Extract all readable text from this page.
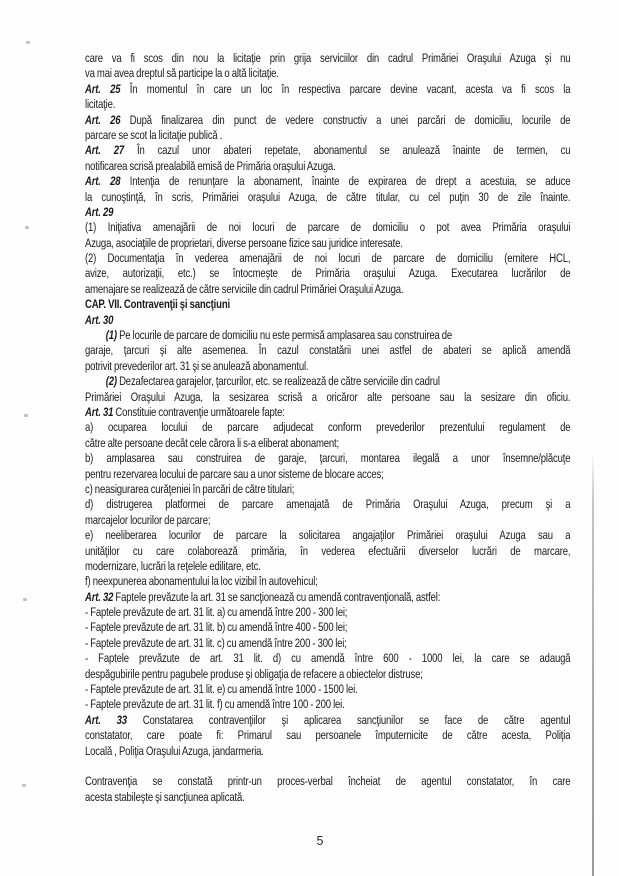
care va fi scos din nou la licitaţie prin grija serviciilor din cadrul Primăriei Oraşului Azuga şi nu
va mai avea dreptul să participe la o altă licitaţie.
Art. 25 În momentul în care un loc în respectiva parcare devine vacant, acesta va fi scos la
licitaţie.
Art. 26 După finalizarea din punct de vedere constructiv a unei parcări de domiciliu, locurile de
parcare se scot la licitaţie publică .
Art. 27 În cazul unor abateri repetate, abonamentul se anulează înainte de termen, cu
notificarea scrisă prealabilă emisă de Primăria oraşului Azuga.
Art. 28 Intenţia de renunţare la abonament, înainte de expirarea de drept a acestuia, se aduce
la cunoştinţă, în scris, Primăriei oraşului Azuga, de către titular, cu cel puţin 30 de zile înainte.
Art. 29
(1) Iniţiativa amenajării de noi locuri de parcare de domiciliu o pot avea Primăria oraşului
Azuga, asociaţiile de proprietari, diverse persoane fizice sau juridice interesate.
(2) Documentaţia în vederea amenajării de noi locuri de parcare de domiciliu (emitere HCL,
avize, autorizaţii, etc.) se întocmeşte de Primăria oraşului Azuga. Executarea lucrărilor de
amenajare se realizează de către serviciile din cadrul Primăriei Oraşului Azuga.
CAP. VII. Contravenţii şi sancţiuni
Art. 30
(1) Pe locurile de parcare de domiciliu nu este permisă amplasarea sau construirea de
garaje, ţarcuri şi alte asemenea. În cazul constatării unei astfel de abateri se aplică amendă
potrivit prevederilor art. 31 şi se anulează abonamentul.
(2) Dezafectarea garajelor, ţarcurilor, etc. se realizează de către serviciile din cadrul
Primăriei Oraşului Azuga, la sesizarea scrisă a oricăror alte persoane sau la sesizare din oficiu.
Art. 31 Constituie contravenţie următoarele fapte:
a) ocuparea locului de parcare adjudecat conform prevederilor prezentului regulament de
către alte persoane decât cele cărora li s-a eliberat abonament;
b) amplasarea sau construirea de garaje, ţarcuri, montarea ilegală a unor însemne/plăcuţe
pentru rezervarea locului de parcare sau a unor sisteme de blocare acces;
c) neasigurarea curăţeniei în parcări de către titulari;
d) distrugerea platformei de parcare amenajată de Primăria Oraşului Azuga, precum şi a
marcajelor locurilor de parcare;
e) neeliberarea locurilor de parcare la solicitarea angajaţilor Primăriei oraşului Azuga sau a
unităţilor cu care colaborează primăria, în vederea efectuării diverselor lucrări de marcare,
modernizare, lucrări la reţelele edilitare, etc.
f) neexpunerea abonamentului la loc vizibil în autovehicul;
Art. 32 Faptele prevăzute la art. 31 se sancţionează cu amendă contravenţională, astfel:
- Faptele prevăzute de art. 31 lit. a) cu amendă între 200 - 300 lei;
- Faptele prevăzute de art. 31 lit. b) cu amendă între 400 - 500 lei;
- Faptele prevăzute de art. 31 lit. c) cu amendă între 200 - 300 lei;
- Faptele prevăzute de art. 31 lit. d) cu amendă între 600 - 1000 lei, la care se adaugă
despăgubirile pentru pagubele produse şi obligaţia de refacere a obiectelor distruse;
- Faptele prevăzute de art. 31 lit. e) cu amendă între 1000 - 1500 lei.
- Faptele prevăzute de art. 31 lit. f) cu amendă între 100 - 200 lei.
Art. 33 Constatarea contravenţiilor şi aplicarea sancţiunilor se face de către agentul
constatator, care poate fi: Primarul sau persoanele împuternicite de către acesta, Poliţia
Locală , Poliţia Oraşului Azuga, jandarmeria.

Contravenţia se constată printr-un proces-verbal încheiat de agentul constatator, în care
acesta stabileşte şi sancţiunea aplicată.
5
